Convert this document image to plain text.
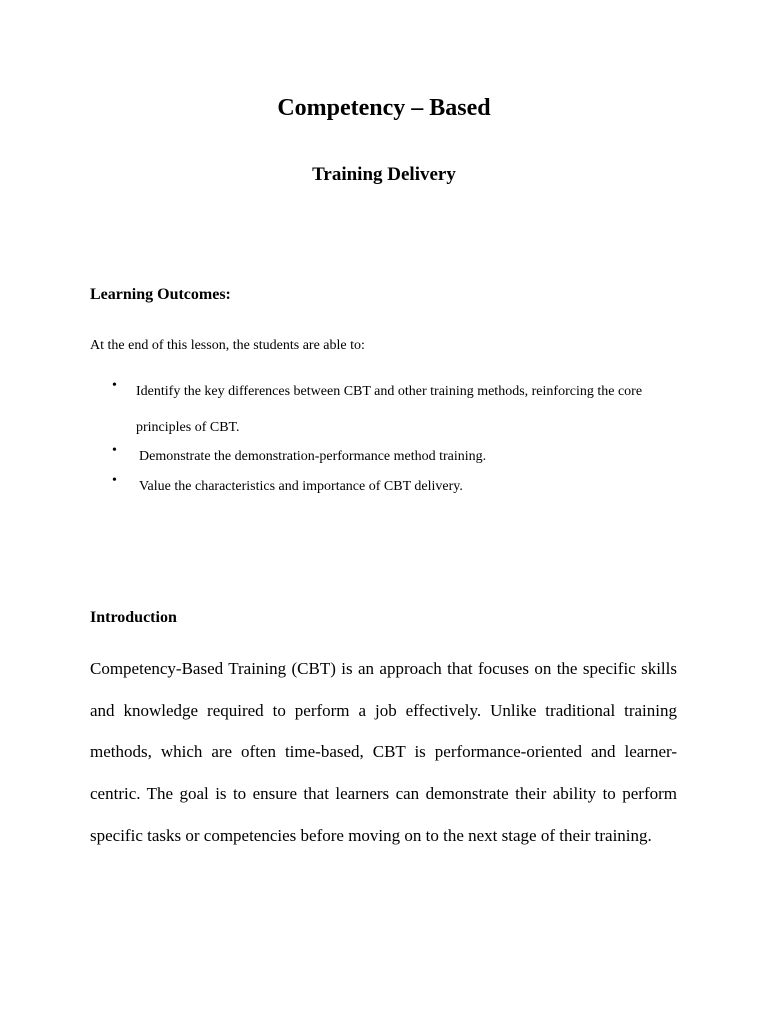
Competency – Based
Training Delivery
Learning Outcomes:

At the end of this lesson, the students are able to:

•	Identify the key differences between CBT and other training methods, reinforcing the core principles of CBT.
•	Demonstrate the demonstration-performance method training.
•	Value the characteristics and importance of CBT delivery.
Introduction

Competency-Based Training (CBT) is an approach that focuses on the specific skills and knowledge required to perform a job effectively. Unlike traditional training methods, which are often time-based, CBT is performance-oriented and learner-centric. The goal is to ensure that learners can demonstrate their ability to perform specific tasks or competencies before moving on to the next stage of their training.
